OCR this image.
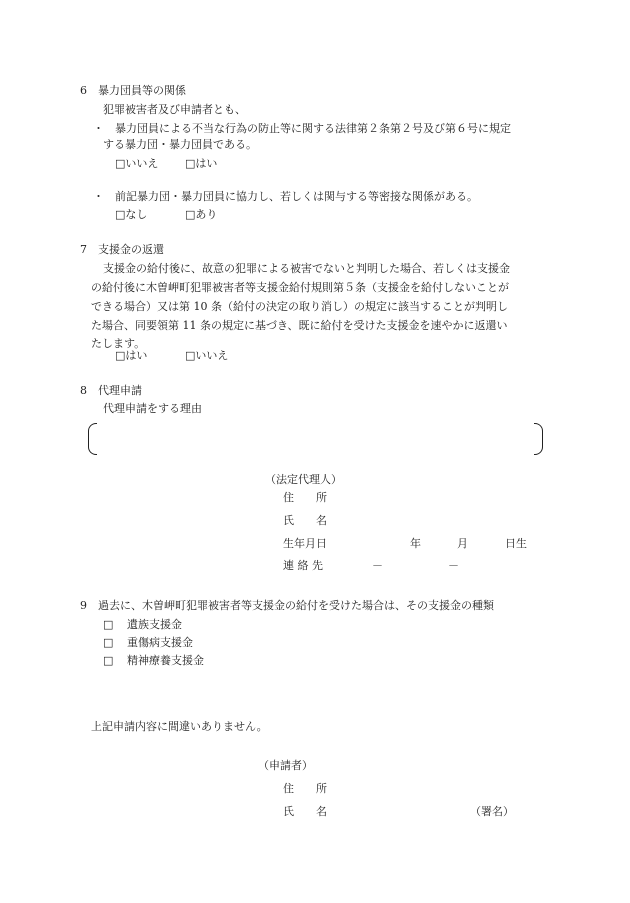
6　暴力団員等の関係
犯罪被害者及び申請者とも、
・ 暴力団員による不当な行為の防止等に関する法律第２条第２号及び第６号に規定
する暴力団・暴力団員である。
□いいえ □はい
・ 前記暴力団・暴力団員に協力し、若しくは関与する等密接な関係がある。
□なし	□あり
7　支援金の返還
支援金の給付後に、故意の犯罪による被害でないと判明した場合、若しくは支援金
の給付後に木曽岬町犯罪被害者等支援金給付規則第５条（支援金を給付しないことが
できる場合）又は第 10 条（給付の決定の取り消し）の規定に該当することが判明し
た場合、同要領第 11 条の規定に基づき、既に給付を受けた支援金を速やかに返還い
たします。
□はい	□いいえ
8　代理申請
代理申請をする理由
（法定代理人）
住　　所
氏　　名
生年月日	年	月	日生
連 絡 先	－	－
9　過去に、木曽岬町犯罪被害者等支援金の給付を受けた場合は、その支援金の種類
□ 遺族支援金
□ 重傷病支援金
□ 精神療養支援金
上記申請内容に間違いありません。
（申請者）
住　　所
氏　　名	（署名）
